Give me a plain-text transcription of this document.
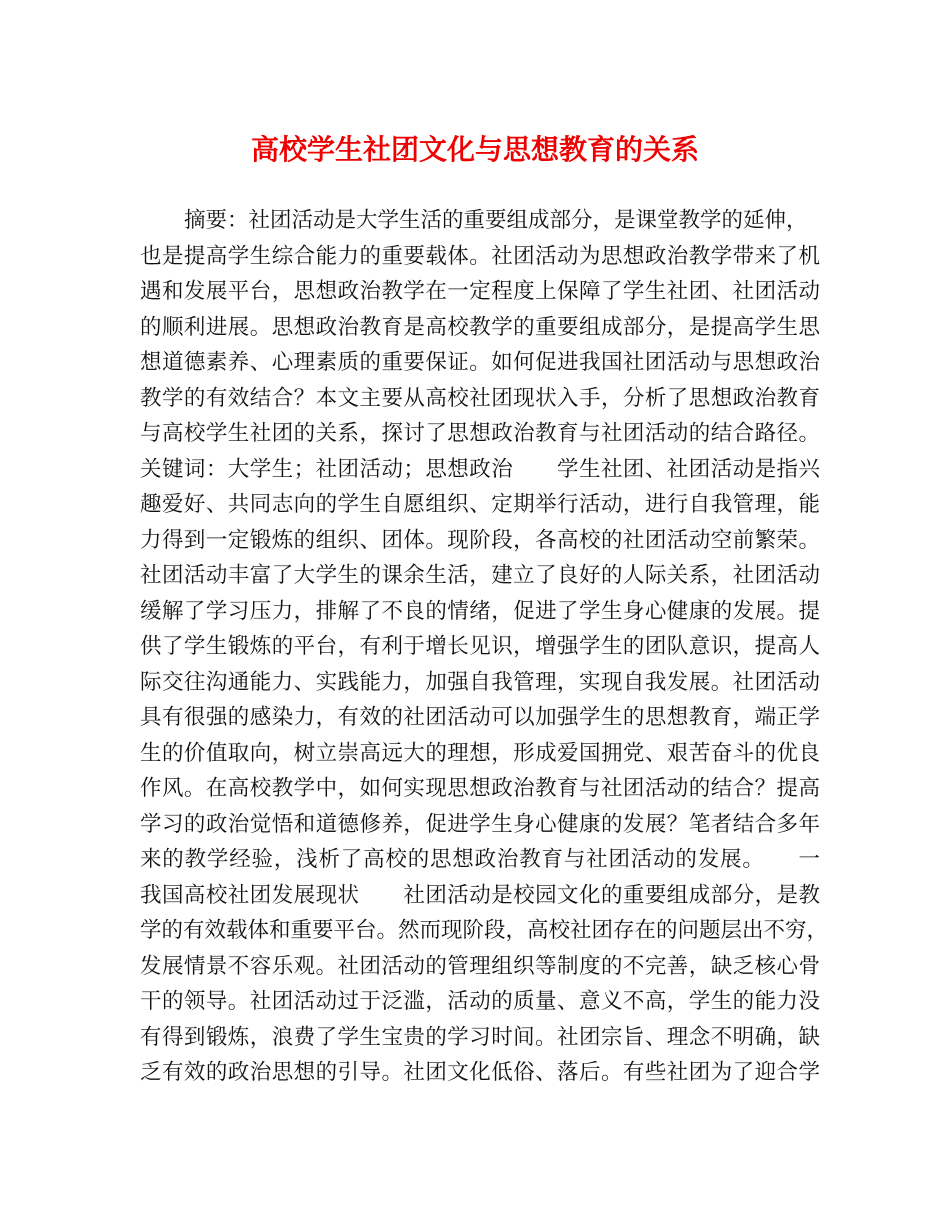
高校学生社团文化与思想教育的关系
摘要：社团活动是大学生活的重要组成部分，是课堂教学的延伸，
也是提高学生综合能力的重要载体。社团活动为思想政治教学带来了机
遇和发展平台，思想政治教学在一定程度上保障了学生社团、社团活动
的顺利进展。思想政治教育是高校教学的重要组成部分，是提高学生思
想道德素养、心理素质的重要保证。如何促进我国社团活动与思想政治
教学的有效结合？本文主要从高校社团现状入手，分析了思想政治教育
与高校学生社团的关系，探讨了思想政治教育与社团活动的结合路径。
关键词：大学生；社团活动；思想政治　　学生社团、社团活动是指兴
趣爱好、共同志向的学生自愿组织、定期举行活动，进行自我管理，能
力得到一定锻炼的组织、团体。现阶段，各高校的社团活动空前繁荣。
社团活动丰富了大学生的课余生活，建立了良好的人际关系，社团活动
缓解了学习压力，排解了不良的情绪，促进了学生身心健康的发展。提
供了学生锻炼的平台，有利于增长见识，增强学生的团队意识，提高人
际交往沟通能力、实践能力，加强自我管理，实现自我发展。社团活动
具有很强的感染力，有效的社团活动可以加强学生的思想教育，端正学
生的价值取向，树立崇高远大的理想，形成爱国拥党、艰苦奋斗的优良
作风。在高校教学中，如何实现思想政治教育与社团活动的结合？提高
学习的政治觉悟和道德修养，促进学生身心健康的发展？笔者结合多年
来的教学经验，浅析了高校的思想政治教育与社团活动的发展。　　一
我国高校社团发展现状　　社团活动是校园文化的重要组成部分，是教
学的有效载体和重要平台。然而现阶段，高校社团存在的问题层出不穷，
发展情景不容乐观。社团活动的管理组织等制度的不完善，缺乏核心骨
干的领导。社团活动过于泛滥，活动的质量、意义不高，学生的能力没
有得到锻炼，浪费了学生宝贵的学习时间。社团宗旨、理念不明确，缺
乏有效的政治思想的引导。社团文化低俗、落后。有些社团为了迎合学
